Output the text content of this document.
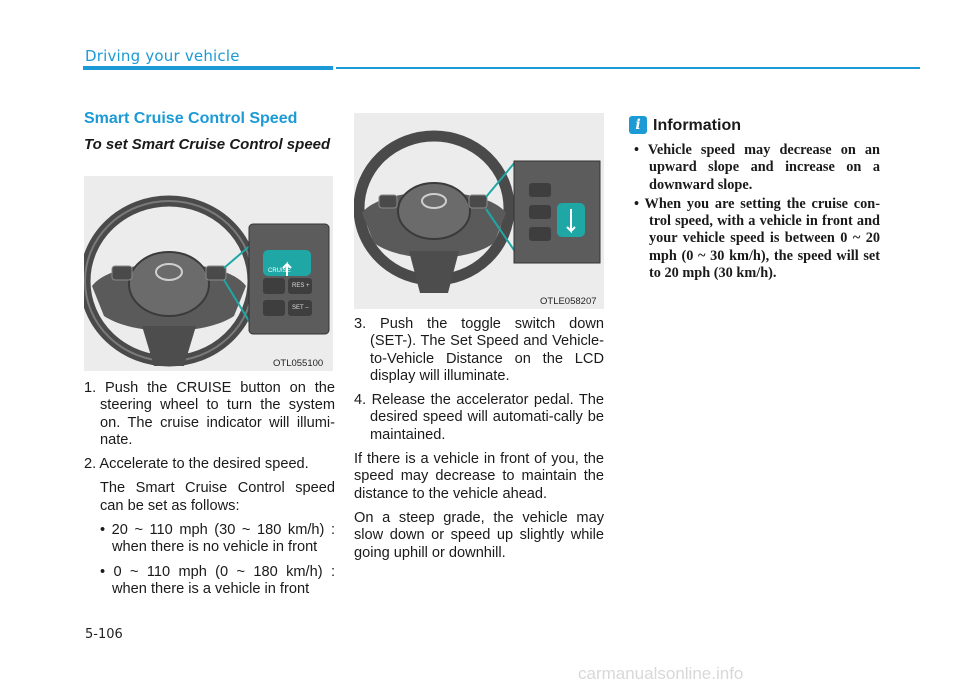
Driving your vehicle
Smart Cruise Control Speed
To set Smart Cruise Control speed
CRUISE
RES +
SET –
OTL055100

1. Push the CRUISE button on the steering wheel to turn the system on. The cruise indicator will illumi-nate.

2. Accelerate to the desired speed.

The Smart Cruise Control speed can be set as follows:

• 20 ~ 110 mph (30 ~ 180 km/h) : when there is no vehicle in front

• 0 ~ 110 mph (0 ~ 180 km/h) : when there is a vehicle in front

OTLE058207

3. Push the toggle switch down (SET-). The Set Speed and Vehicle-to-Vehicle Distance on the LCD display will illuminate.

4. Release the accelerator pedal. The desired speed will automati-cally be maintained.

If there is a vehicle in front of you, the speed may decrease to maintain the distance to the vehicle ahead.

On a steep grade, the vehicle may slow down or speed up slightly while going uphill or downhill.

i Information
• Vehicle speed may decrease on an upward slope and increase on a downward slope.
• When you are setting the cruise con-trol speed, with a vehicle in front and your vehicle speed is between 0 ~ 20 mph (0 ~ 30 km/h), the speed will set to 20 mph (30 km/h).
5-106
carmanualsonline.info
